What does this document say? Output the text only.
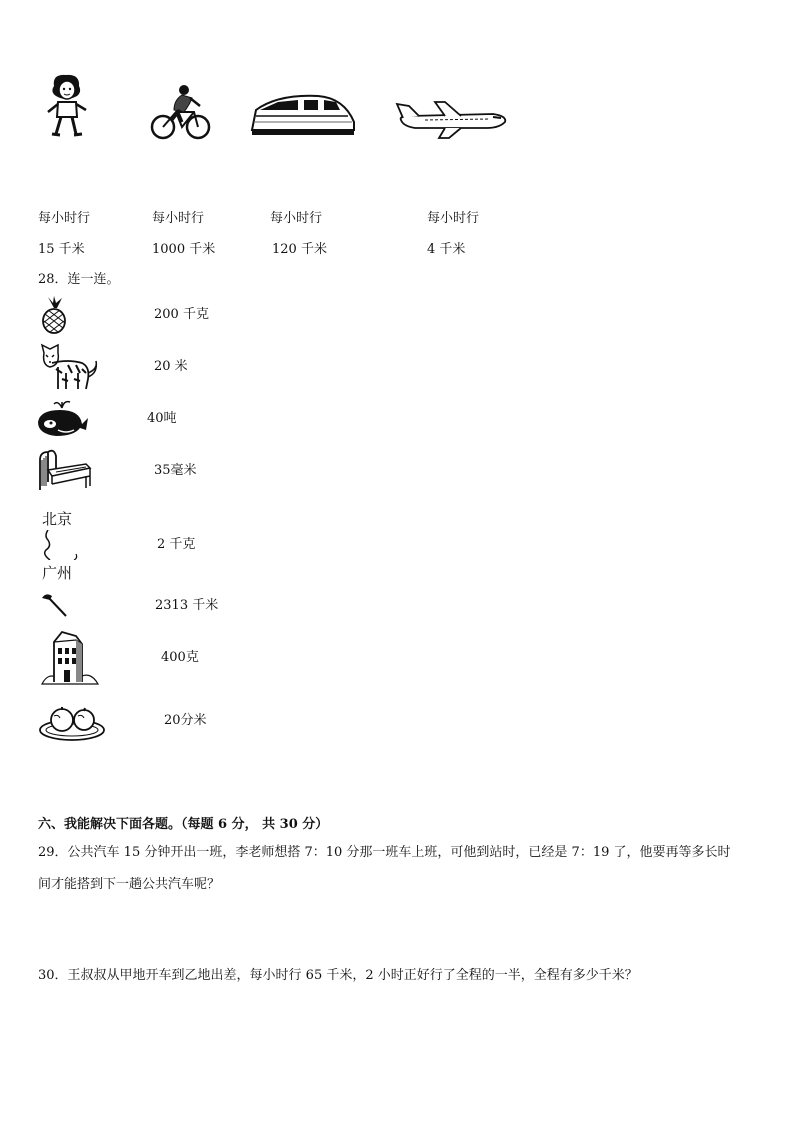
每小时行	每小时行	每小时行	每小时行
15 千米	1000 千米	120 千米	4 千米
28．连一连。
200 千克
20 米
40吨
35毫米
北京
广州
2 千克
2313 千米
400克
20分米
六、我能解决下面各题。（每题 6 分， 共 30 分）
29．公共汽车 15 分钟开出一班，李老师想搭 7：10 分那一班车上班，可他到站时，已经是 7：19 了，他要再等多长时
间才能搭到下一趟公共汽车呢？
30．王叔叔从甲地开车到乙地出差，每小时行 65 千米，2 小时正好行了全程的一半，全程有多少千米？
